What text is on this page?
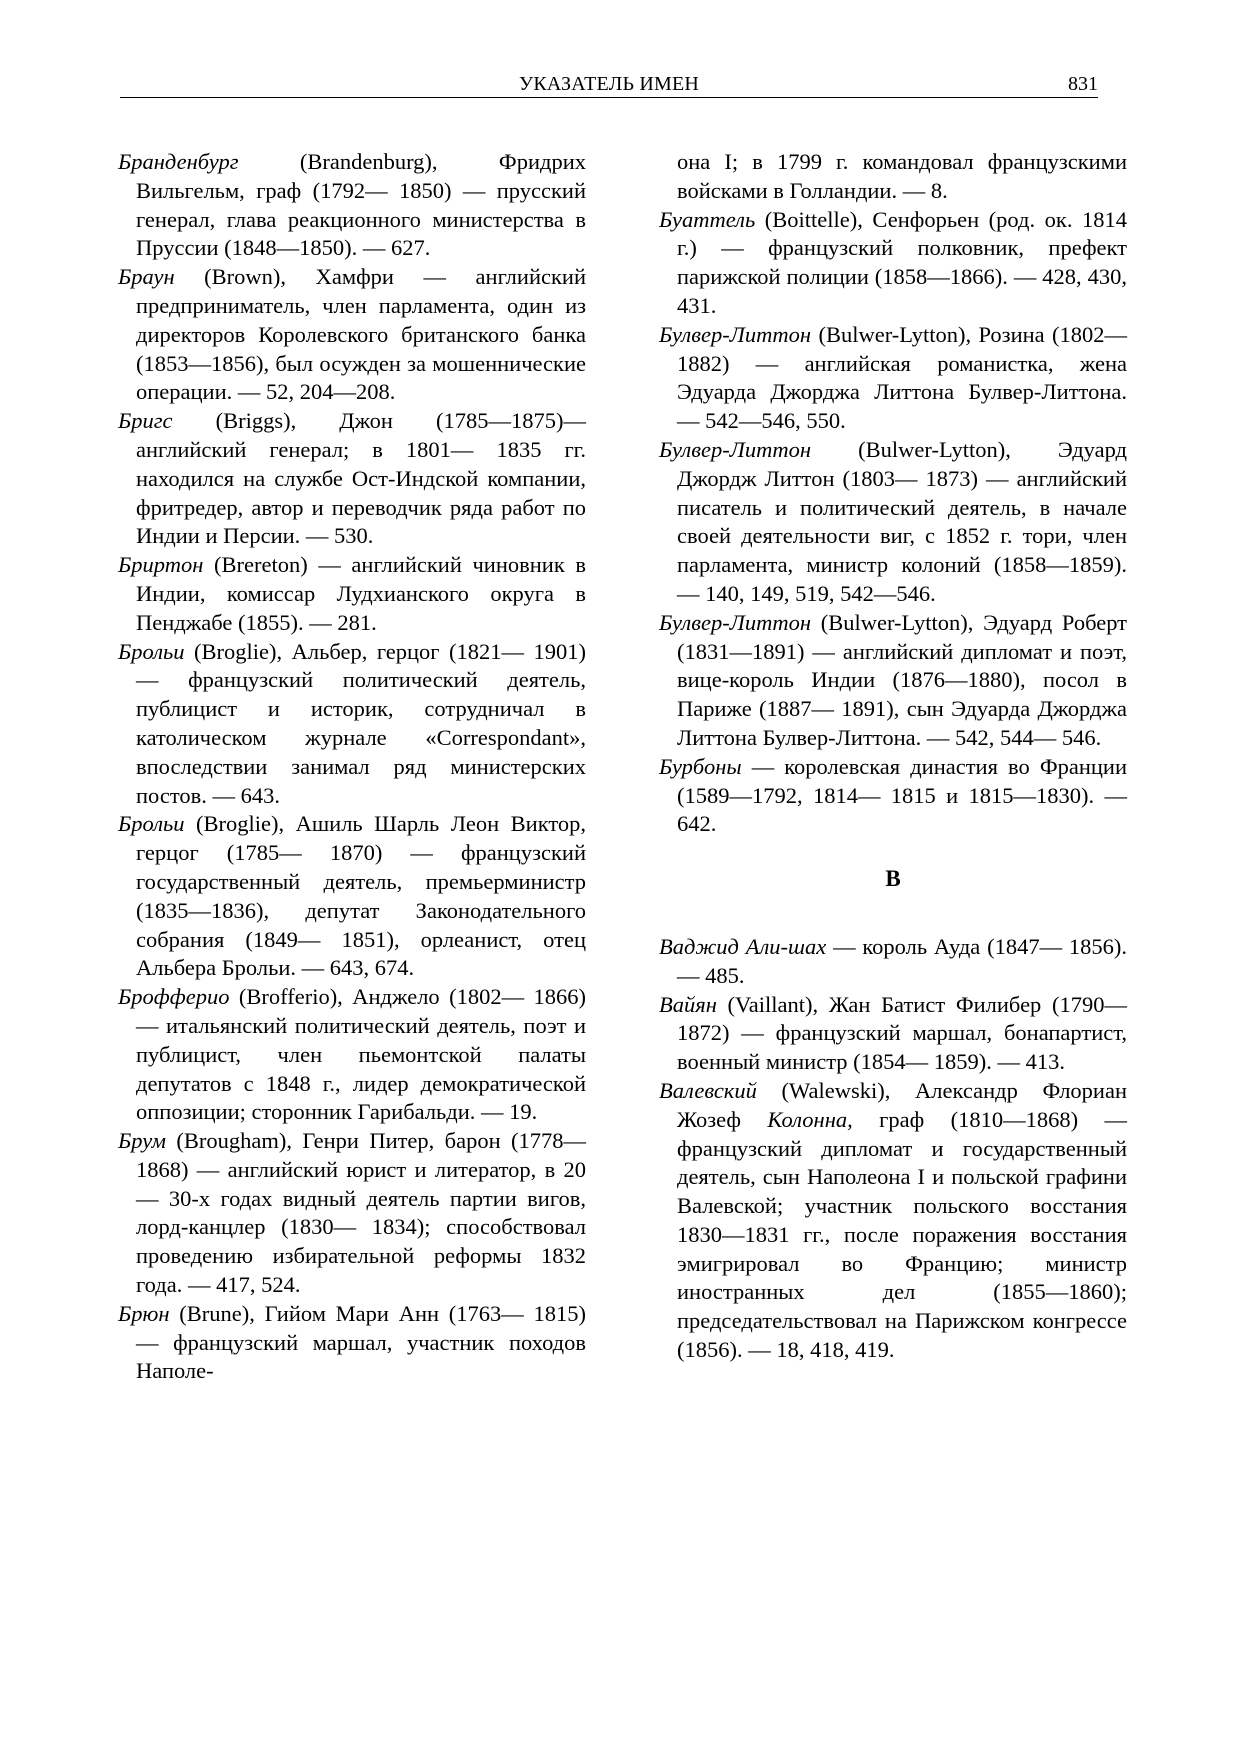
УКАЗАТЕЛЬ ИМЕН	831

Бранденбург (Brandenburg), Фридрих Вильгельм, граф (1792— 1850) — прусский генерал, глава реакционного министерства в Пруссии (1848—1850). — 627.

Браун (Brown), Хамфри — английский предприниматель, член парламента, один из директоров Королевского британского банка (1853—1856), был осужден за мошеннические операции. — 52, 204—208.

Бригс (Briggs), Джон (1785—1875)— английский генерал; в 1801— 1835 гг. находился на службе Ост-Индской компании, фритредер, автор и переводчик ряда работ по Индии и Персии. — 530.

Бриртон (Brereton) — английский чиновник в Индии, комиссар Лудхианского округа в Пенджабе (1855). — 281.

Брольи (Broglie), Альбер, герцог (1821— 1901) — французский политический деятель, публицист и историк, сотрудничал в католическом журнале «Correspondant», впоследствии занимал ряд министерских постов. — 643.

Брольи (Broglie), Ашиль Шарль Леон Виктор, герцог (1785— 1870) — французский государственный деятель, премьерминистр (1835—1836), депутат Законодательного собрания (1849— 1851), орлеанист, отец Альбера Брольи. — 643, 674.

Брофферио (Brofferio), Анджело (1802— 1866) — итальянский политический деятель, поэт и публицист, член пьемонтской палаты депутатов с 1848 г., лидер демократической оппозиции; сторонник Гарибальди. — 19.

Брум (Brougham), Генри Питер, барон (1778—1868) — английский юрист и литератор, в 20— 30-х годах видный деятель партии вигов, лорд-канцлер (1830— 1834); способствовал проведению избирательной реформы 1832 года. — 417, 524.

Брюн (Brune), Гийом Мари Анн (1763— 1815) — французский маршал, участник походов Наполе-

она I; в 1799 г. командовал французскими войсками в Голландии. — 8.

Буаттель (Boittelle), Сенфорьен (род. ок. 1814 г.) — французский полковник, префект парижской полиции (1858—1866). — 428, 430, 431.

Булвер-Литтон (Bulwer-Lytton), Розина (1802—1882) — английская романистка, жена Эдуарда Джорджа Литтона Булвер-Литтона. — 542—546, 550.

Булвер-Литтон (Bulwer-Lytton), Эдуард Джордж Литтон (1803— 1873) — английский писатель и политический деятель, в начале своей деятельности виг, с 1852 г. тори, член парламента, министр колоний (1858—1859). — 140, 149, 519, 542—546.

Булвер-Литтон (Bulwer-Lytton), Эдуард Роберт (1831—1891) — английский дипломат и поэт, вице-король Индии (1876—1880), посол в Париже (1887— 1891), сын Эдуарда Джорджа Литтона Булвер-Литтона. — 542, 544— 546.

Бурбоны — королевская династия во Франции (1589—1792, 1814— 1815 и 1815—1830). — 642.

В

Ваджид Али-шах — король Ауда (1847— 1856). — 485.

Вайян (Vaillant), Жан Батист Филибер (1790—1872) — французский маршал, бонапартист, военный министр (1854— 1859). — 413.

Валевский (Walewski), Александр Флориан Жозеф Колонна, граф (1810—1868) — французский дипломат и государственный деятель, сын Наполеона I и польской графини Валевской; участник польского восстания 1830—1831 гг., после поражения восстания эмигрировал во Францию; министр иностранных дел (1855—1860); председательствовал на Парижском конгрессе (1856). — 18, 418, 419.
